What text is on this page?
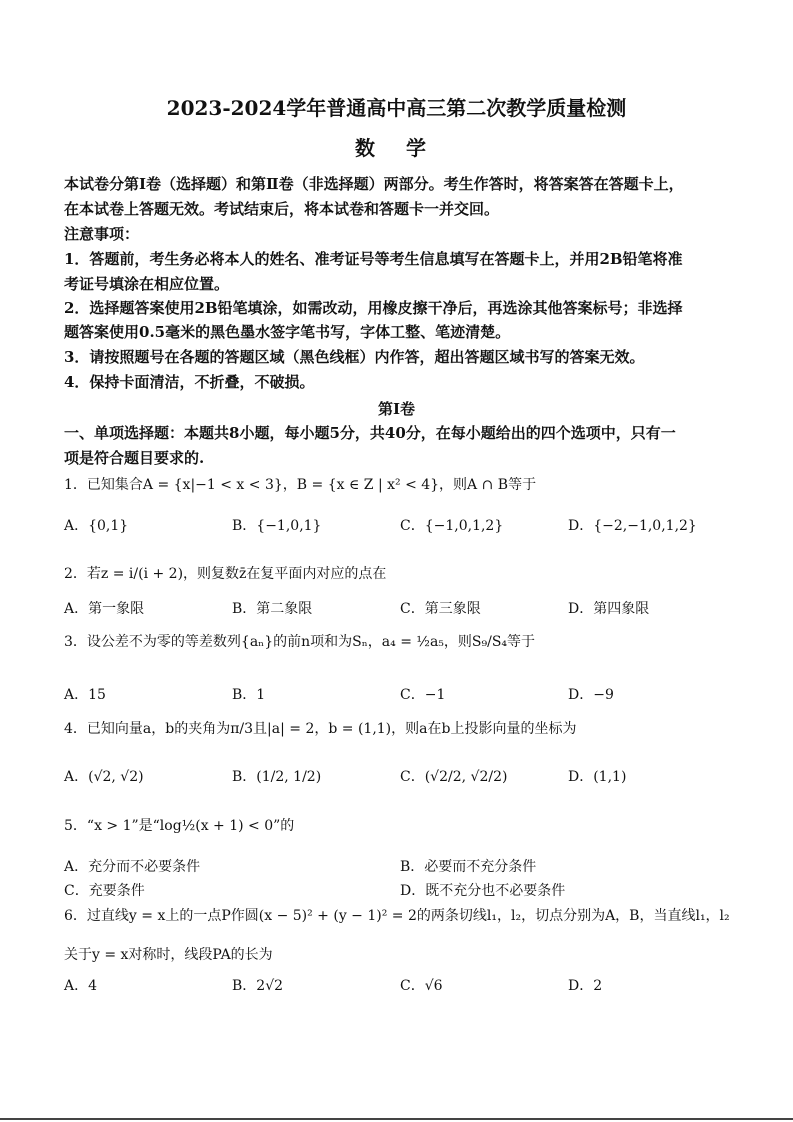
2023-2024学年普通高中高三第二次教学质量检测
数 学
本试卷分第Ⅰ卷（选择题）和第Ⅱ卷（非选择题）两部分。考生作答时，将答案答在答题卡上，
在本试卷上答题无效。考试结束后，将本试卷和答题卡一并交回。
注意事项：
1．答题前，考生务必将本人的姓名、准考证号等考生信息填写在答题卡上，并用2B铅笔将准
考证号填涂在相应位置。
2．选择题答案使用2B铅笔填涂，如需改动，用橡皮擦干净后，再选涂其他答案标号；非选择
题答案使用0.5毫米的黑色墨水签字笔书写，字体工整、笔迹清楚。
3．请按照题号在各题的答题区域（黑色线框）内作答，超出答题区域书写的答案无效。
4．保持卡面清洁，不折叠，不破损。
第Ⅰ卷
一、单项选择题：本题共8小题，每小题5分，共40分，在每小题给出的四个选项中，只有一
项是符合题目要求的.
1．已知集合A = {x|−1 < x < 3}，B = {x ∈ Z | x² < 4}，则A ∩ B等于
A．{0,1}	B．{−1,0,1}	C．{−1,0,1,2}	D．{−2,−1,0,1,2}
2．若z = i/(i + 2)，则复数z̄在复平面内对应的点在
A．第一象限	B．第二象限	C．第三象限	D．第四象限
3．设公差不为零的等差数列{aₙ}的前n项和为Sₙ，a₄ = ½a₅，则S₉/S₄等于
A．15	B．1	C．−1	D．−9
4．已知向量a，b的夹角为π/3且|a| = 2，b = (1,1)，则a在b上投影向量的坐标为
A．(√2, √2)	B．(1/2, 1/2)	C．(√2/2, √2/2)	D．(1,1)
5．“x > 1”是“log½(x + 1) < 0”的
A．充分而不必要条件	B．必要而不充分条件
C．充要条件	D．既不充分也不必要条件
6．过直线y = x上的一点P作圆(x − 5)² + (y − 1)² = 2的两条切线l₁，l₂，切点分别为A，B，当直线l₁，l₂
关于y = x对称时，线段PA的长为
A．4	B．2√2	C．√6	D．2
